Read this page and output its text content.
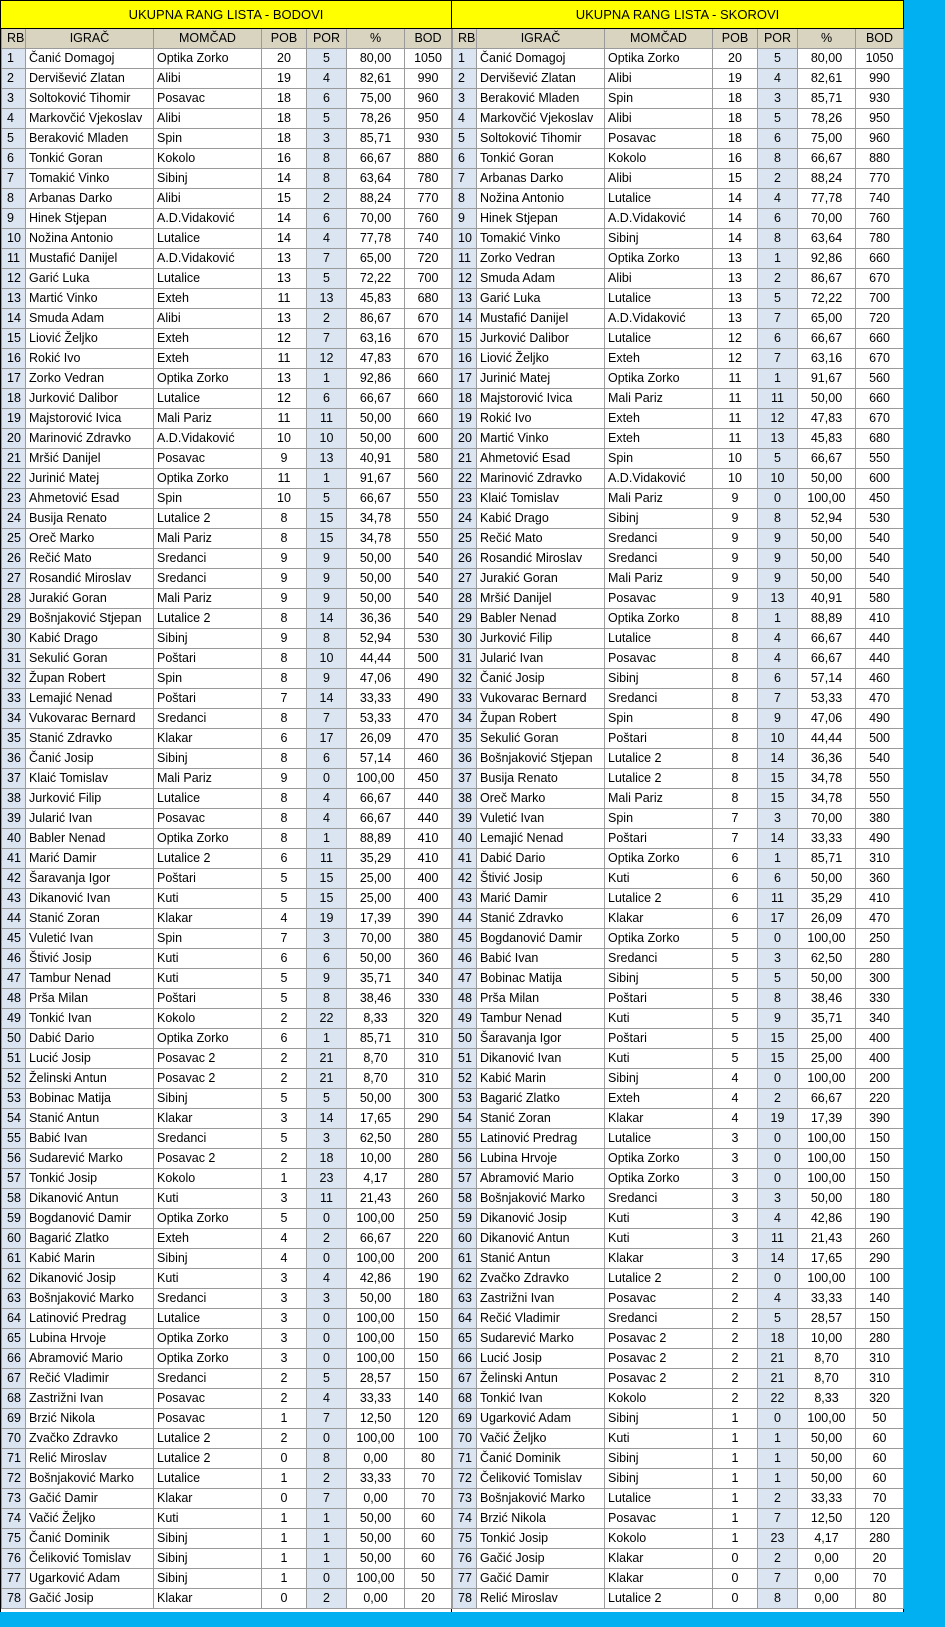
UKUPNA RANG LISTA - BODOVI
RB	IGRAČ	MOMČAD	POB	POR	%	BOD
1	Čanić Domagoj	Optika Zorko	20	5	80,00	1050
2	Dervišević Zlatan	Alibi	19	4	82,61	990
3	Soltoković Tihomir	Posavac	18	6	75,00	960
4	Markovčić Vjekoslav	Alibi	18	5	78,26	950
5	Beraković Mladen	Spin	18	3	85,71	930
6	Tonkić Goran	Kokolo	16	8	66,67	880
7	Tomakić Vinko	Sibinj	14	8	63,64	780
8	Arbanas Darko	Alibi	15	2	88,24	770
9	Hinek Stjepan	A.D.Vidaković	14	6	70,00	760
10	Nožina Antonio	Lutalice	14	4	77,78	740
11	Mustafić Danijel	A.D.Vidaković	13	7	65,00	720
12	Garić Luka	Lutalice	13	5	72,22	700
13	Martić Vinko	Exteh	11	13	45,83	680
14	Smuda Adam	Alibi	13	2	86,67	670
15	Liović Željko	Exteh	12	7	63,16	670
16	Rokić Ivo	Exteh	11	12	47,83	670
17	Zorko Vedran	Optika Zorko	13	1	92,86	660
18	Jurković Dalibor	Lutalice	12	6	66,67	660
19	Majstorović Ivica	Mali Pariz	11	11	50,00	660
20	Marinović Zdravko	A.D.Vidaković	10	10	50,00	600
21	Mršić Danijel	Posavac	9	13	40,91	580
22	Jurinić Matej	Optika Zorko	11	1	91,67	560
23	Ahmetović Esad	Spin	10	5	66,67	550
24	Busija Renato	Lutalice 2	8	15	34,78	550
25	Oreč Marko	Mali Pariz	8	15	34,78	550
26	Rečić Mato	Sredanci	9	9	50,00	540
27	Rosandić Miroslav	Sredanci	9	9	50,00	540
28	Jurakić Goran	Mali Pariz	9	9	50,00	540
29	Bošnjaković Stjepan	Lutalice 2	8	14	36,36	540
30	Kabić Drago	Sibinj	9	8	52,94	530
31	Sekulić Goran	Poštari	8	10	44,44	500
32	Župan Robert	Spin	8	9	47,06	490
33	Lemajić Nenad	Poštari	7	14	33,33	490
34	Vukovarac Bernard	Sredanci	8	7	53,33	470
35	Stanić Zdravko	Klakar	6	17	26,09	470
36	Čanić Josip	Sibinj	8	6	57,14	460
37	Klaić Tomislav	Mali Pariz	9	0	100,00	450
38	Jurković Filip	Lutalice	8	4	66,67	440
39	Jularić Ivan	Posavac	8	4	66,67	440
40	Babler Nenad	Optika Zorko	8	1	88,89	410
41	Marić Damir	Lutalice 2	6	11	35,29	410
42	Šaravanja Igor	Poštari	5	15	25,00	400
43	Dikanović Ivan	Kuti	5	15	25,00	400
44	Stanić Zoran	Klakar	4	19	17,39	390
45	Vuletić Ivan	Spin	7	3	70,00	380
46	Štivić Josip	Kuti	6	6	50,00	360
47	Tambur Nenad	Kuti	5	9	35,71	340
48	Prša Milan	Poštari	5	8	38,46	330
49	Tonkić Ivan	Kokolo	2	22	8,33	320
50	Dabić Dario	Optika Zorko	6	1	85,71	310
51	Lucić Josip	Posavac 2	2	21	8,70	310
52	Želinski Antun	Posavac 2	2	21	8,70	310
53	Bobinac Matija	Sibinj	5	5	50,00	300
54	Stanić Antun	Klakar	3	14	17,65	290
55	Babić Ivan	Sredanci	5	3	62,50	280
56	Sudarević Marko	Posavac 2	2	18	10,00	280
57	Tonkić Josip	Kokolo	1	23	4,17	280
58	Dikanović Antun	Kuti	3	11	21,43	260
59	Bogdanović Damir	Optika Zorko	5	0	100,00	250
60	Bagarić Zlatko	Exteh	4	2	66,67	220
61	Kabić Marin	Sibinj	4	0	100,00	200
62	Dikanović Josip	Kuti	3	4	42,86	190
63	Bošnjaković Marko	Sredanci	3	3	50,00	180
64	Latinović Predrag	Lutalice	3	0	100,00	150
65	Lubina Hrvoje	Optika Zorko	3	0	100,00	150
66	Abramović Mario	Optika Zorko	3	0	100,00	150
67	Rečić Vladimir	Sredanci	2	5	28,57	150
68	Zastrižni Ivan	Posavac	2	4	33,33	140
69	Brzić Nikola	Posavac	1	7	12,50	120
70	Zvačko Zdravko	Lutalice 2	2	0	100,00	100
71	Relić Miroslav	Lutalice 2	0	8	0,00	80
72	Bošnjaković Marko	Lutalice	1	2	33,33	70
73	Gačić Damir	Klakar	0	7	0,00	70
74	Vačić Željko	Kuti	1	1	50,00	60
75	Čanić Dominik	Sibinj	1	1	50,00	60
76	Čeliković Tomislav	Sibinj	1	1	50,00	60
77	Ugarković Adam	Sibinj	1	0	100,00	50
78	Gačić Josip	Klakar	0	2	0,00	20
UKUPNA RANG LISTA - SKOROVI
RB	IGRAČ	MOMČAD	POB	POR	%	BOD
1	Čanić Domagoj	Optika Zorko	20	5	80,00	1050
2	Dervišević Zlatan	Alibi	19	4	82,61	990
3	Beraković Mladen	Spin	18	3	85,71	930
4	Markovčić Vjekoslav	Alibi	18	5	78,26	950
5	Soltoković Tihomir	Posavac	18	6	75,00	960
6	Tonkić Goran	Kokolo	16	8	66,67	880
7	Arbanas Darko	Alibi	15	2	88,24	770
8	Nožina Antonio	Lutalice	14	4	77,78	740
9	Hinek Stjepan	A.D.Vidaković	14	6	70,00	760
10	Tomakić Vinko	Sibinj	14	8	63,64	780
11	Zorko Vedran	Optika Zorko	13	1	92,86	660
12	Smuda Adam	Alibi	13	2	86,67	670
13	Garić Luka	Lutalice	13	5	72,22	700
14	Mustafić Danijel	A.D.Vidaković	13	7	65,00	720
15	Jurković Dalibor	Lutalice	12	6	66,67	660
16	Liović Željko	Exteh	12	7	63,16	670
17	Jurinić Matej	Optika Zorko	11	1	91,67	560
18	Majstorović Ivica	Mali Pariz	11	11	50,00	660
19	Rokić Ivo	Exteh	11	12	47,83	670
20	Martić Vinko	Exteh	11	13	45,83	680
21	Ahmetović Esad	Spin	10	5	66,67	550
22	Marinović Zdravko	A.D.Vidaković	10	10	50,00	600
23	Klaić Tomislav	Mali Pariz	9	0	100,00	450
24	Kabić Drago	Sibinj	9	8	52,94	530
25	Rečić Mato	Sredanci	9	9	50,00	540
26	Rosandić Miroslav	Sredanci	9	9	50,00	540
27	Jurakić Goran	Mali Pariz	9	9	50,00	540
28	Mršić Danijel	Posavac	9	13	40,91	580
29	Babler Nenad	Optika Zorko	8	1	88,89	410
30	Jurković Filip	Lutalice	8	4	66,67	440
31	Jularić Ivan	Posavac	8	4	66,67	440
32	Čanić Josip	Sibinj	8	6	57,14	460
33	Vukovarac Bernard	Sredanci	8	7	53,33	470
34	Župan Robert	Spin	8	9	47,06	490
35	Sekulić Goran	Poštari	8	10	44,44	500
36	Bošnjaković Stjepan	Lutalice 2	8	14	36,36	540
37	Busija Renato	Lutalice 2	8	15	34,78	550
38	Oreč Marko	Mali Pariz	8	15	34,78	550
39	Vuletić Ivan	Spin	7	3	70,00	380
40	Lemajić Nenad	Poštari	7	14	33,33	490
41	Dabić Dario	Optika Zorko	6	1	85,71	310
42	Štivić Josip	Kuti	6	6	50,00	360
43	Marić Damir	Lutalice 2	6	11	35,29	410
44	Stanić Zdravko	Klakar	6	17	26,09	470
45	Bogdanović Damir	Optika Zorko	5	0	100,00	250
46	Babić Ivan	Sredanci	5	3	62,50	280
47	Bobinac Matija	Sibinj	5	5	50,00	300
48	Prša Milan	Poštari	5	8	38,46	330
49	Tambur Nenad	Kuti	5	9	35,71	340
50	Šaravanja Igor	Poštari	5	15	25,00	400
51	Dikanović Ivan	Kuti	5	15	25,00	400
52	Kabić Marin	Sibinj	4	0	100,00	200
53	Bagarić Zlatko	Exteh	4	2	66,67	220
54	Stanić Zoran	Klakar	4	19	17,39	390
55	Latinović Predrag	Lutalice	3	0	100,00	150
56	Lubina Hrvoje	Optika Zorko	3	0	100,00	150
57	Abramović Mario	Optika Zorko	3	0	100,00	150
58	Bošnjaković Marko	Sredanci	3	3	50,00	180
59	Dikanović Josip	Kuti	3	4	42,86	190
60	Dikanović Antun	Kuti	3	11	21,43	260
61	Stanić Antun	Klakar	3	14	17,65	290
62	Zvačko Zdravko	Lutalice 2	2	0	100,00	100
63	Zastrižni Ivan	Posavac	2	4	33,33	140
64	Rečić Vladimir	Sredanci	2	5	28,57	150
65	Sudarević Marko	Posavac 2	2	18	10,00	280
66	Lucić Josip	Posavac 2	2	21	8,70	310
67	Želinski Antun	Posavac 2	2	21	8,70	310
68	Tonkić Ivan	Kokolo	2	22	8,33	320
69	Ugarković Adam	Sibinj	1	0	100,00	50
70	Vačić Željko	Kuti	1	1	50,00	60
71	Čanić Dominik	Sibinj	1	1	50,00	60
72	Čeliković Tomislav	Sibinj	1	1	50,00	60
73	Bošnjaković Marko	Lutalice	1	2	33,33	70
74	Brzić Nikola	Posavac	1	7	12,50	120
75	Tonkić Josip	Kokolo	1	23	4,17	280
76	Gačić Josip	Klakar	0	2	0,00	20
77	Gačić Damir	Klakar	0	7	0,00	70
78	Relić Miroslav	Lutalice 2	0	8	0,00	80
